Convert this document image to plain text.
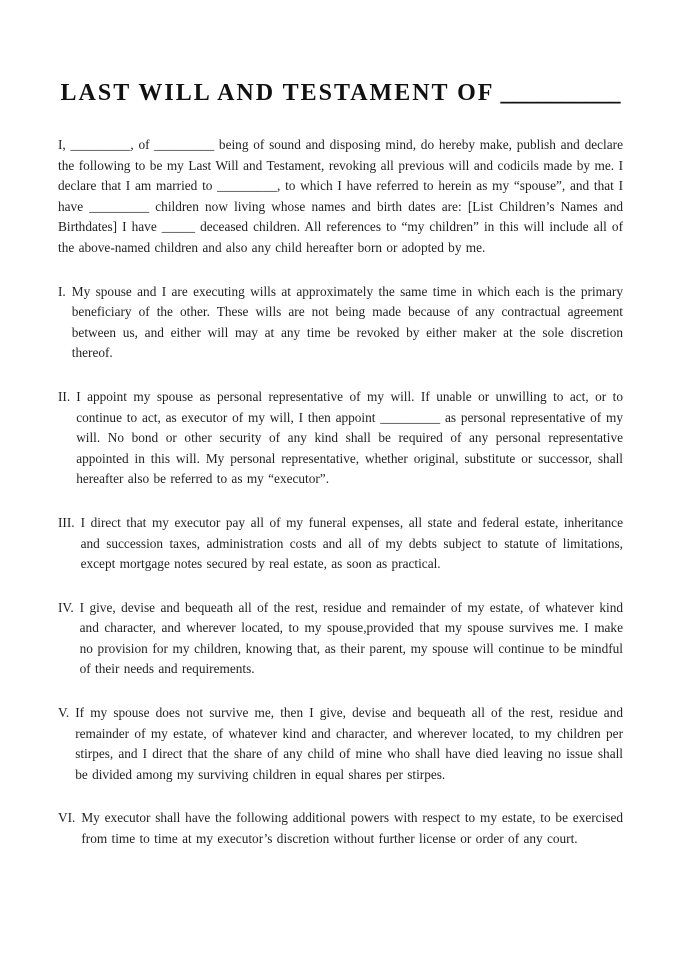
LAST WILL AND TESTAMENT OF __________

I, _________, of _________ being of sound and disposing mind, do hereby make, publish and declare the following to be my Last Will and Testament, revoking all previous will and codicils made by me. I declare that I am married to _________, to which I have referred to herein as my “spouse”, and that I have _________ children now living whose names and birth dates are: [List Children’s Names and Birthdates] I have _____ deceased children. All references to “my children” in this will include all of the above-named children and also any child hereafter born or adopted by me.

I. My spouse and I are executing wills at approximately the same time in which each is the primary beneficiary of the other. These wills are not being made because of any contractual agreement between us, and either will may at any time be revoked by either maker at the sole discretion thereof.

II. I appoint my spouse as personal representative of my will. If unable or unwilling to act, or to continue to act, as executor of my will, I then appoint _________ as personal representative of my will. No bond or other security of any kind shall be required of any personal representative appointed in this will. My personal representative, whether original, substitute or successor, shall hereafter also be referred to as my “executor”.

III. I direct that my executor pay all of my funeral expenses, all state and federal estate, inheritance and succession taxes, administration costs and all of my debts subject to statute of limitations, except mortgage notes secured by real estate, as soon as practical.

IV. I give, devise and bequeath all of the rest, residue and remainder of my estate, of whatever kind and character, and wherever located, to my spouse,provided that my spouse survives me. I make no provision for my children, knowing that, as their parent, my spouse will continue to be mindful of their needs and requirements.

V. If my spouse does not survive me, then I give, devise and bequeath all of the rest, residue and remainder of my estate, of whatever kind and character, and wherever located, to my children per stirpes, and I direct that the share of any child of mine who shall have died leaving no issue shall be divided among my surviving children in equal shares per stirpes.

VI. My executor shall have the following additional powers with respect to my estate, to be exercised from time to time at my executor’s discretion without further license or order of any court.
